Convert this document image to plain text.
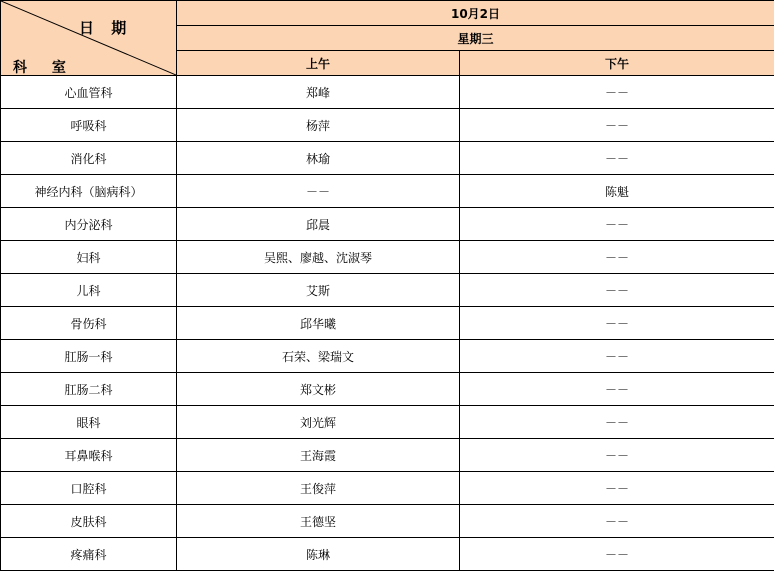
日 期
科 室	10月2日	
	星期三	
	上午	下午
心血管科	郑峰	－－
呼吸科	杨萍	－－
消化科	林瑜	－－
神经内科（脑病科）	－－	陈魁
内分泌科	邱晨	－－
妇科	吴熙、廖越、沈淑琴	－－
儿科	艾斯	－－
骨伤科	邱华曦	－－
肛肠一科	石荣、梁瑞文	－－
肛肠二科	郑文彬	－－
眼科	刘光辉	－－
耳鼻喉科	王海霞	－－
口腔科	王俊萍	－－
皮肤科	王德坚	－－
疼痛科	陈琳	－－
